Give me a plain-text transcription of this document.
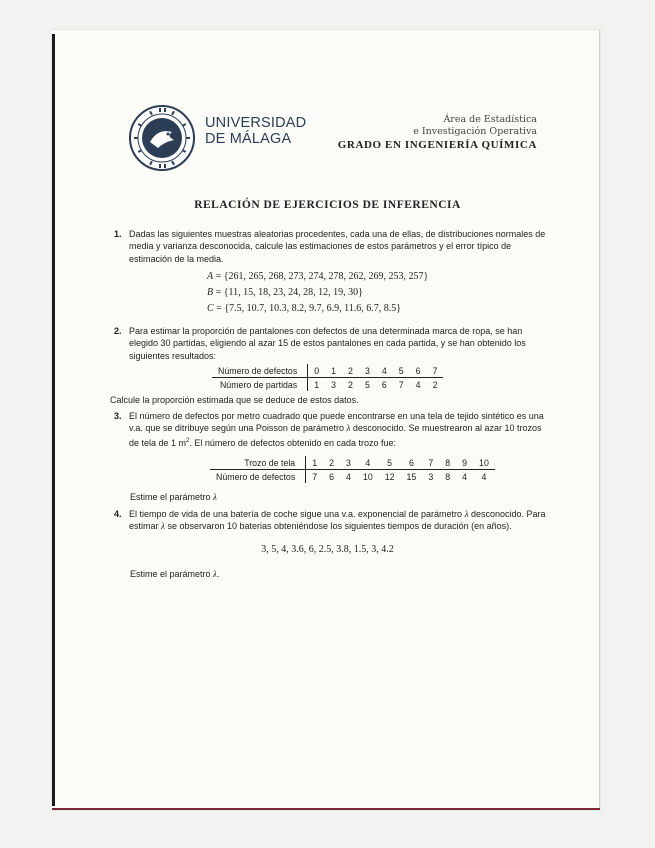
UNIVERSIDAD
DE MÁLAGA
Área de Estadística
e Investigación Operativa
GRADO EN INGENIERÍA QUÍMICA
RELACIÓN DE EJERCICIOS DE INFERENCIA
1. Dadas las siguientes muestras aleatorias procedentes, cada una de ellas, de distribuciones normales de media y varianza desconocida, calcule las estimaciones de estos parámetros y el error típico de estimación de la media.
A = {261, 265, 268, 273, 274, 278, 262, 269, 253, 257}
B = {11, 15, 18, 23, 24, 28, 12, 19, 30}
C = {7.5, 10.7, 10.3, 8.2, 9.7, 6.9, 11.6, 6.7, 8.5}
2. Para estimar la proporción de pantalones con defectos de una determinada marca de ropa, se han elegido 30 partidas, eligiendo al azar 15 de estos pantalones en cada partida, y se han obtenido los siguientes resultados:
Número de defectos	0	1	2	3	4	5	6	7
Número de partidas	1	3	2	5	6	7	4	2
Calcule la proporción estimada que se deduce de estos datos.
3. El número de defectos por metro cuadrado que puede encontrarse en una tela de tejido sintético es una v.a. que se ditribuye según una Poisson de parámetro λ desconocido. Se muestrearon al azar 10 trozos de tela de 1 $m^2$. El número de defectos obtenido en cada trozo fue:
Trozo de tela	1	2	3	4	5	6	7	8	9	10
Número de defectos	7	6	4	10	12	15	3	8	4	4
Estime el parámetro λ
4. El tiempo de vida de una batería de coche sigue una v.a. exponencial de parámetro λ desconocido. Para estimar λ se observaron 10 baterias obteniéndose los siguientes tiempos de duración (en años).
3, 5, 4, 3.6, 6, 2.5, 3.8, 1.5, 3, 4.2
Estime el parámetro λ.
